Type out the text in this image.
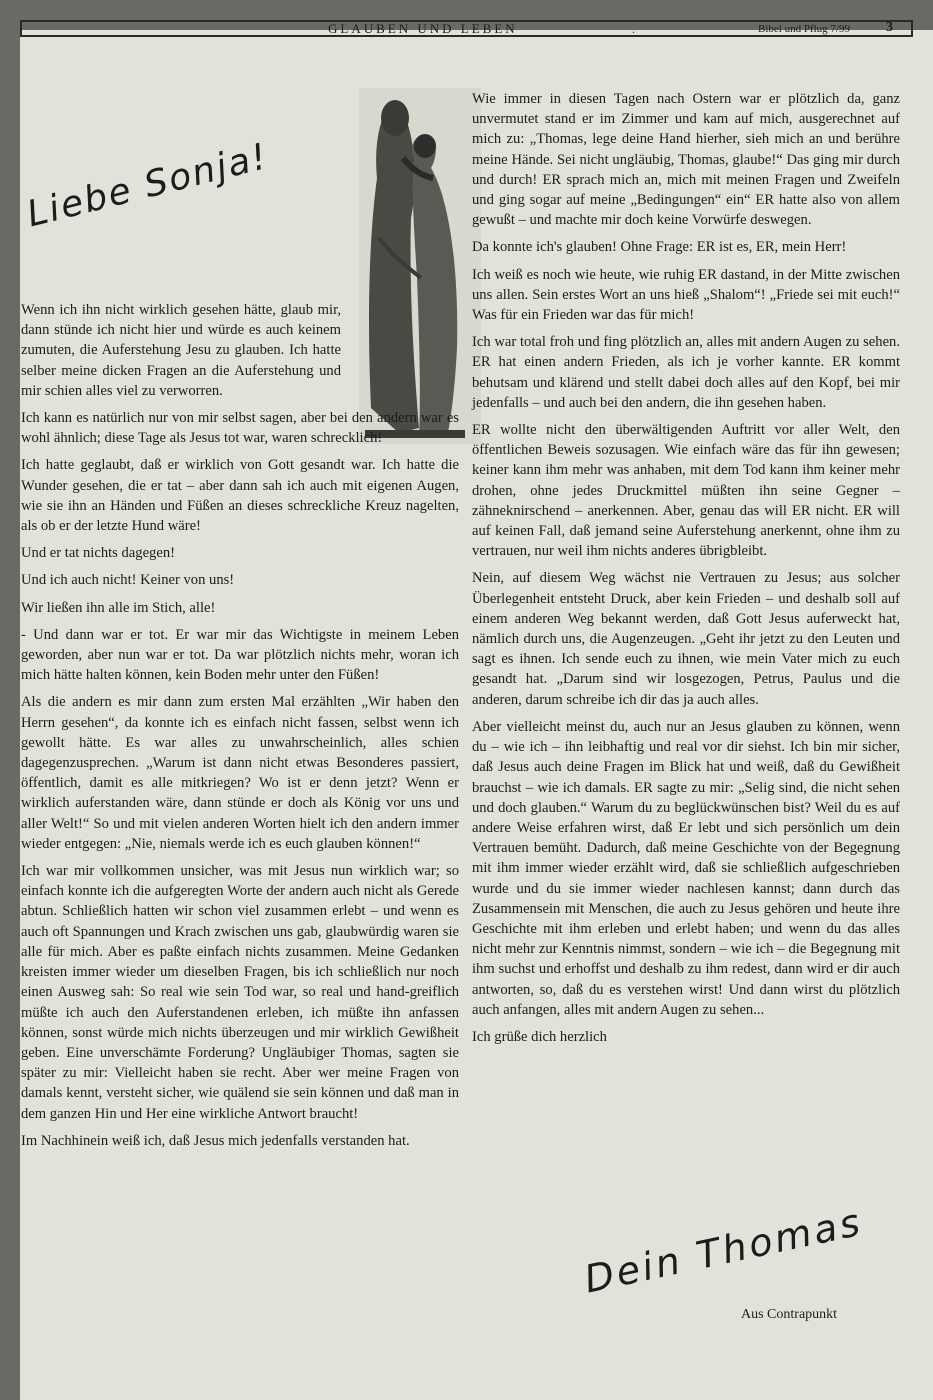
GLAUBEN UND LEBEN	.	Bibel und Pflug 7/99	3
Liebe Sonja!

Wenn ich ihn nicht wirklich gesehen hätte, glaub mir, dann stünde ich nicht hier und würde es auch keinem zumuten, die Auferstehung Jesu zu glauben. Ich hatte selber meine dicken Fragen an die Auferstehung und mir schien alles viel zu verworren.

Ich kann es natürlich nur von mir selbst sagen, aber bei den andern war es wohl ähnlich; diese Tage als Jesus tot war, waren schrecklich!

Ich hatte geglaubt, daß er wirklich von Gott gesandt war. Ich hatte die Wunder gesehen, die er tat – aber dann sah ich auch mit eigenen Augen, wie sie ihn an Händen und Füßen an dieses schreckliche Kreuz nagelten, als ob er der letzte Hund wäre!

Und er tat nichts dagegen!

Und ich auch nicht! Keiner von uns!

Wir ließen ihn alle im Stich, alle!

- Und dann war er tot. Er war mir das Wichtigste in meinem Leben geworden, aber nun war er tot. Da war plötzlich nichts mehr, woran ich mich hätte halten können, kein Boden mehr unter den Füßen!

Als die andern es mir dann zum ersten Mal erzählten „Wir haben den Herrn gesehen“, da konnte ich es einfach nicht fassen, selbst wenn ich gewollt hätte. Es war alles zu unwahrscheinlich, alles schien dagegenzusprechen. „Warum ist dann nicht etwas Besonderes passiert, öffentlich, damit es alle mitkriegen? Wo ist er denn jetzt? Wenn er wirklich auferstanden wäre, dann stünde er doch als König vor uns und aller Welt!“ So und mit vielen anderen Worten hielt ich den andern immer wieder entgegen: „Nie, niemals werde ich es euch glauben können!“

Ich war mir vollkommen unsicher, was mit Jesus nun wirklich war; so einfach konnte ich die aufgeregten Worte der andern auch nicht als Gerede abtun. Schließlich hatten wir schon viel zusammen erlebt – und wenn es auch oft Spannungen und Krach zwischen uns gab, glaubwürdig waren sie alle für mich. Aber es paßte einfach nichts zusammen. Meine Gedanken kreisten immer wieder um dieselben Fragen, bis ich schließlich nur noch einen Ausweg sah: So real wie sein Tod war, so real und hand-greiflich müßte ich auch den Auferstandenen erleben, ich müßte ihn anfassen können, sonst würde mich nichts überzeugen und mir wirklich Gewißheit geben. Eine unverschämte Forderung? Ungläubiger Thomas, sagten sie später zu mir: Vielleicht haben sie recht. Aber wer meine Fragen von damals kennt, versteht sicher, wie quälend sie sein können und daß man in dem ganzen Hin und Her eine wirkliche Antwort braucht!

Im Nachhinein weiß ich, daß Jesus mich jedenfalls verstanden hat.

Wie immer in diesen Tagen nach Ostern war er plötzlich da, ganz unvermutet stand er im Zimmer und kam auf mich, ausgerechnet auf mich zu: „Thomas, lege deine Hand hierher, sieh mich an und berühre meine Hände. Sei nicht ungläubig, Thomas, glaube!“ Das ging mir durch und durch! ER sprach mich an, mich mit meinen Fragen und Zweifeln und ging sogar auf meine „Bedingungen“ ein“ ER hatte also von allem gewußt – und machte mir doch keine Vorwürfe deswegen.

Da konnte ich's glauben! Ohne Frage: ER ist es, ER, mein Herr!

Ich weiß es noch wie heute, wie ruhig ER dastand, in der Mitte zwischen uns allen. Sein erstes Wort an uns hieß „Shalom“! „Friede sei mit euch!“ Was für ein Frieden war das für mich!

Ich war total froh und fing plötzlich an, alles mit andern Augen zu sehen. ER hat einen andern Frieden, als ich je vorher kannte. ER kommt behutsam und klärend und stellt dabei doch alles auf den Kopf, bei mir jedenfalls – und auch bei den andern, die ihn gesehen haben.

ER wollte nicht den überwältigenden Auftritt vor aller Welt, den öffentlichen Beweis sozusagen. Wie einfach wäre das für ihn gewesen; keiner kann ihm mehr was anhaben, mit dem Tod kann ihm keiner mehr drohen, ohne jedes Druckmittel müßten ihn seine Gegner – zähneknirschend – anerkennen. Aber, genau das will ER nicht. ER will auf keinen Fall, daß jemand seine Auferstehung anerkennt, ohne ihm zu vertrauen, nur weil ihm nichts anderes übrigbleibt.

Nein, auf diesem Weg wächst nie Vertrauen zu Jesus; aus solcher Überlegenheit entsteht Druck, aber kein Frieden – und deshalb soll auf einem anderen Weg bekannt werden, daß Gott Jesus auferweckt hat, nämlich durch uns, die Augenzeugen. „Geht ihr jetzt zu den Leuten und sagt es ihnen. Ich sende euch zu ihnen, wie mein Vater mich zu euch gesandt hat. „Darum sind wir losgezogen, Petrus, Paulus und die anderen, darum schreibe ich dir das ja auch alles.

Aber vielleicht meinst du, auch nur an Jesus glauben zu können, wenn du – wie ich – ihn leibhaftig und real vor dir siehst. Ich bin mir sicher, daß Jesus auch deine Fragen im Blick hat und weiß, daß du Gewißheit brauchst – wie ich damals. ER sagte zu mir: „Selig sind, die nicht sehen und doch glauben.“ Warum du zu beglückwünschen bist? Weil du es auf andere Weise erfahren wirst, daß Er lebt und sich persönlich um dein Vertrauen bemüht. Dadurch, daß meine Geschichte von der Begegnung mit ihm immer wieder erzählt wird, daß sie schließlich aufgeschrieben wurde und du sie immer wieder nachlesen kannst; dann durch das Zusammensein mit Menschen, die auch zu Jesus gehören und heute ihre Geschichte mit ihm erleben und erlebt haben; und wenn du das alles nicht mehr zur Kenntnis nimmst, sondern – wie ich – die Begegnung mit ihm suchst und erhoffst und deshalb zu ihm redest, dann wird er dir auch antworten, so, daß du es verstehen wirst! Und dann wirst du plötzlich auch anfangen, alles mit andern Augen zu sehen...

Ich grüße dich herzlich

Dein Thomas
Aus Contrapunkt
